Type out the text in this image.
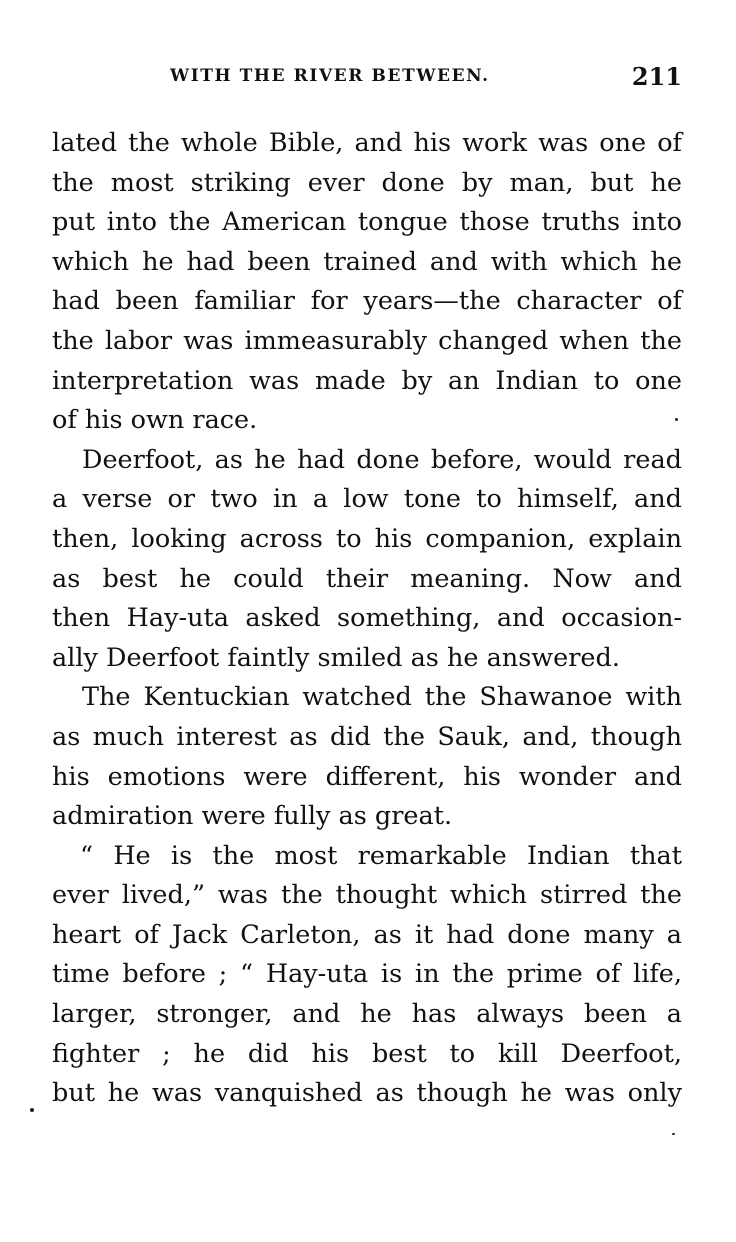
WITH THE RIVER BETWEEN.	211
lated the whole Bible, and his work was one of
the most striking ever done by man, but he
put into the American tongue those truths into
which he had been trained and with which he
had been familiar for years—the character of
the labor was immeasurably changed when the
interpretation was made by an Indian to one
of his own race.
Deerfoot, as he had done before, would read
a verse or two in a low tone to himself, and
then, looking across to his companion, explain
as best he could their meaning. Now and
then Hay-uta asked something, and occasion-
ally Deerfoot faintly smiled as he answered.
The Kentuckian watched the Shawanoe with
as much interest as did the Sauk, and, though
his emotions were different, his wonder and
admiration were fully as great.
“ He is the most remarkable Indian that
ever lived,” was the thought which stirred the
heart of Jack Carleton, as it had done many a
time before ; “ Hay-uta is in the prime of life,
larger, stronger, and he has always been a
fighter ; he did his best to kill Deerfoot,
but he was vanquished as though he was only
